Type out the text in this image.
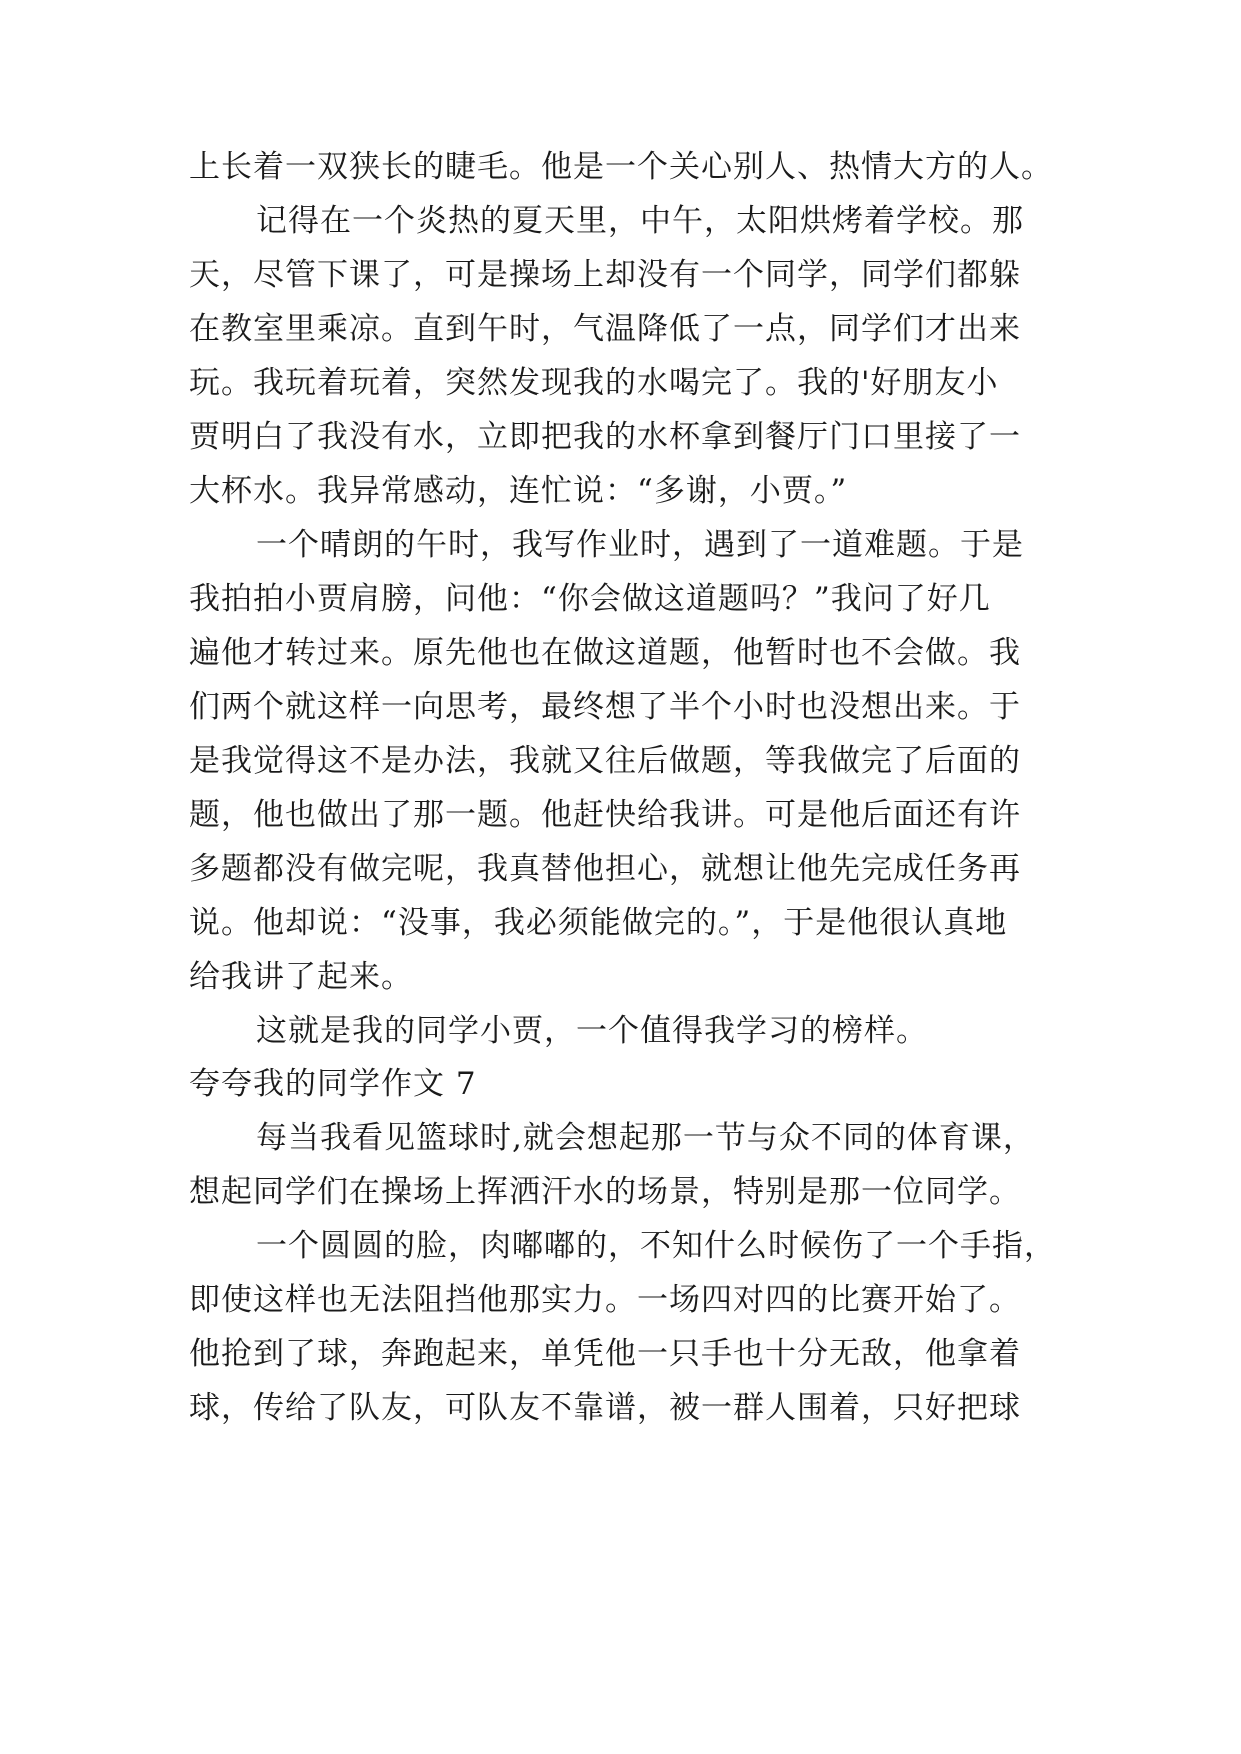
上长着一双狭长的睫毛。他是一个关心别人、热情大方的人。
记得在一个炎热的夏天里，中午，太阳烘烤着学校。那
天，尽管下课了，可是操场上却没有一个同学，同学们都躲
在教室里乘凉。直到午时，气温降低了一点，同学们才出来
玩。我玩着玩着，突然发现我的水喝完了。我的'好朋友小
贾明白了我没有水，立即把我的水杯拿到餐厅门口里接了一
大杯水。我异常感动，连忙说：“多谢，小贾。”
一个晴朗的午时，我写作业时，遇到了一道难题。于是
我拍拍小贾肩膀，问他：“你会做这道题吗？”我问了好几
遍他才转过来。原先他也在做这道题，他暂时也不会做。我
们两个就这样一向思考，最终想了半个小时也没想出来。于
是我觉得这不是办法，我就又往后做题，等我做完了后面的
题，他也做出了那一题。他赶快给我讲。可是他后面还有许
多题都没有做完呢，我真替他担心，就想让他先完成任务再
说。他却说：“没事，我必须能做完的。”，于是他很认真地
给我讲了起来。
这就是我的同学小贾，一个值得我学习的榜样。
夸夸我的同学作文 7
每当我看见篮球时,就会想起那一节与众不同的体育课，
想起同学们在操场上挥洒汗水的场景，特别是那一位同学。
一个圆圆的脸，肉嘟嘟的，不知什么时候伤了一个手指，
即使这样也无法阻挡他那实力。一场四对四的比赛开始了。
他抢到了球，奔跑起来，单凭他一只手也十分无敌，他拿着
球，传给了队友，可队友不靠谱，被一群人围着，只好把球
